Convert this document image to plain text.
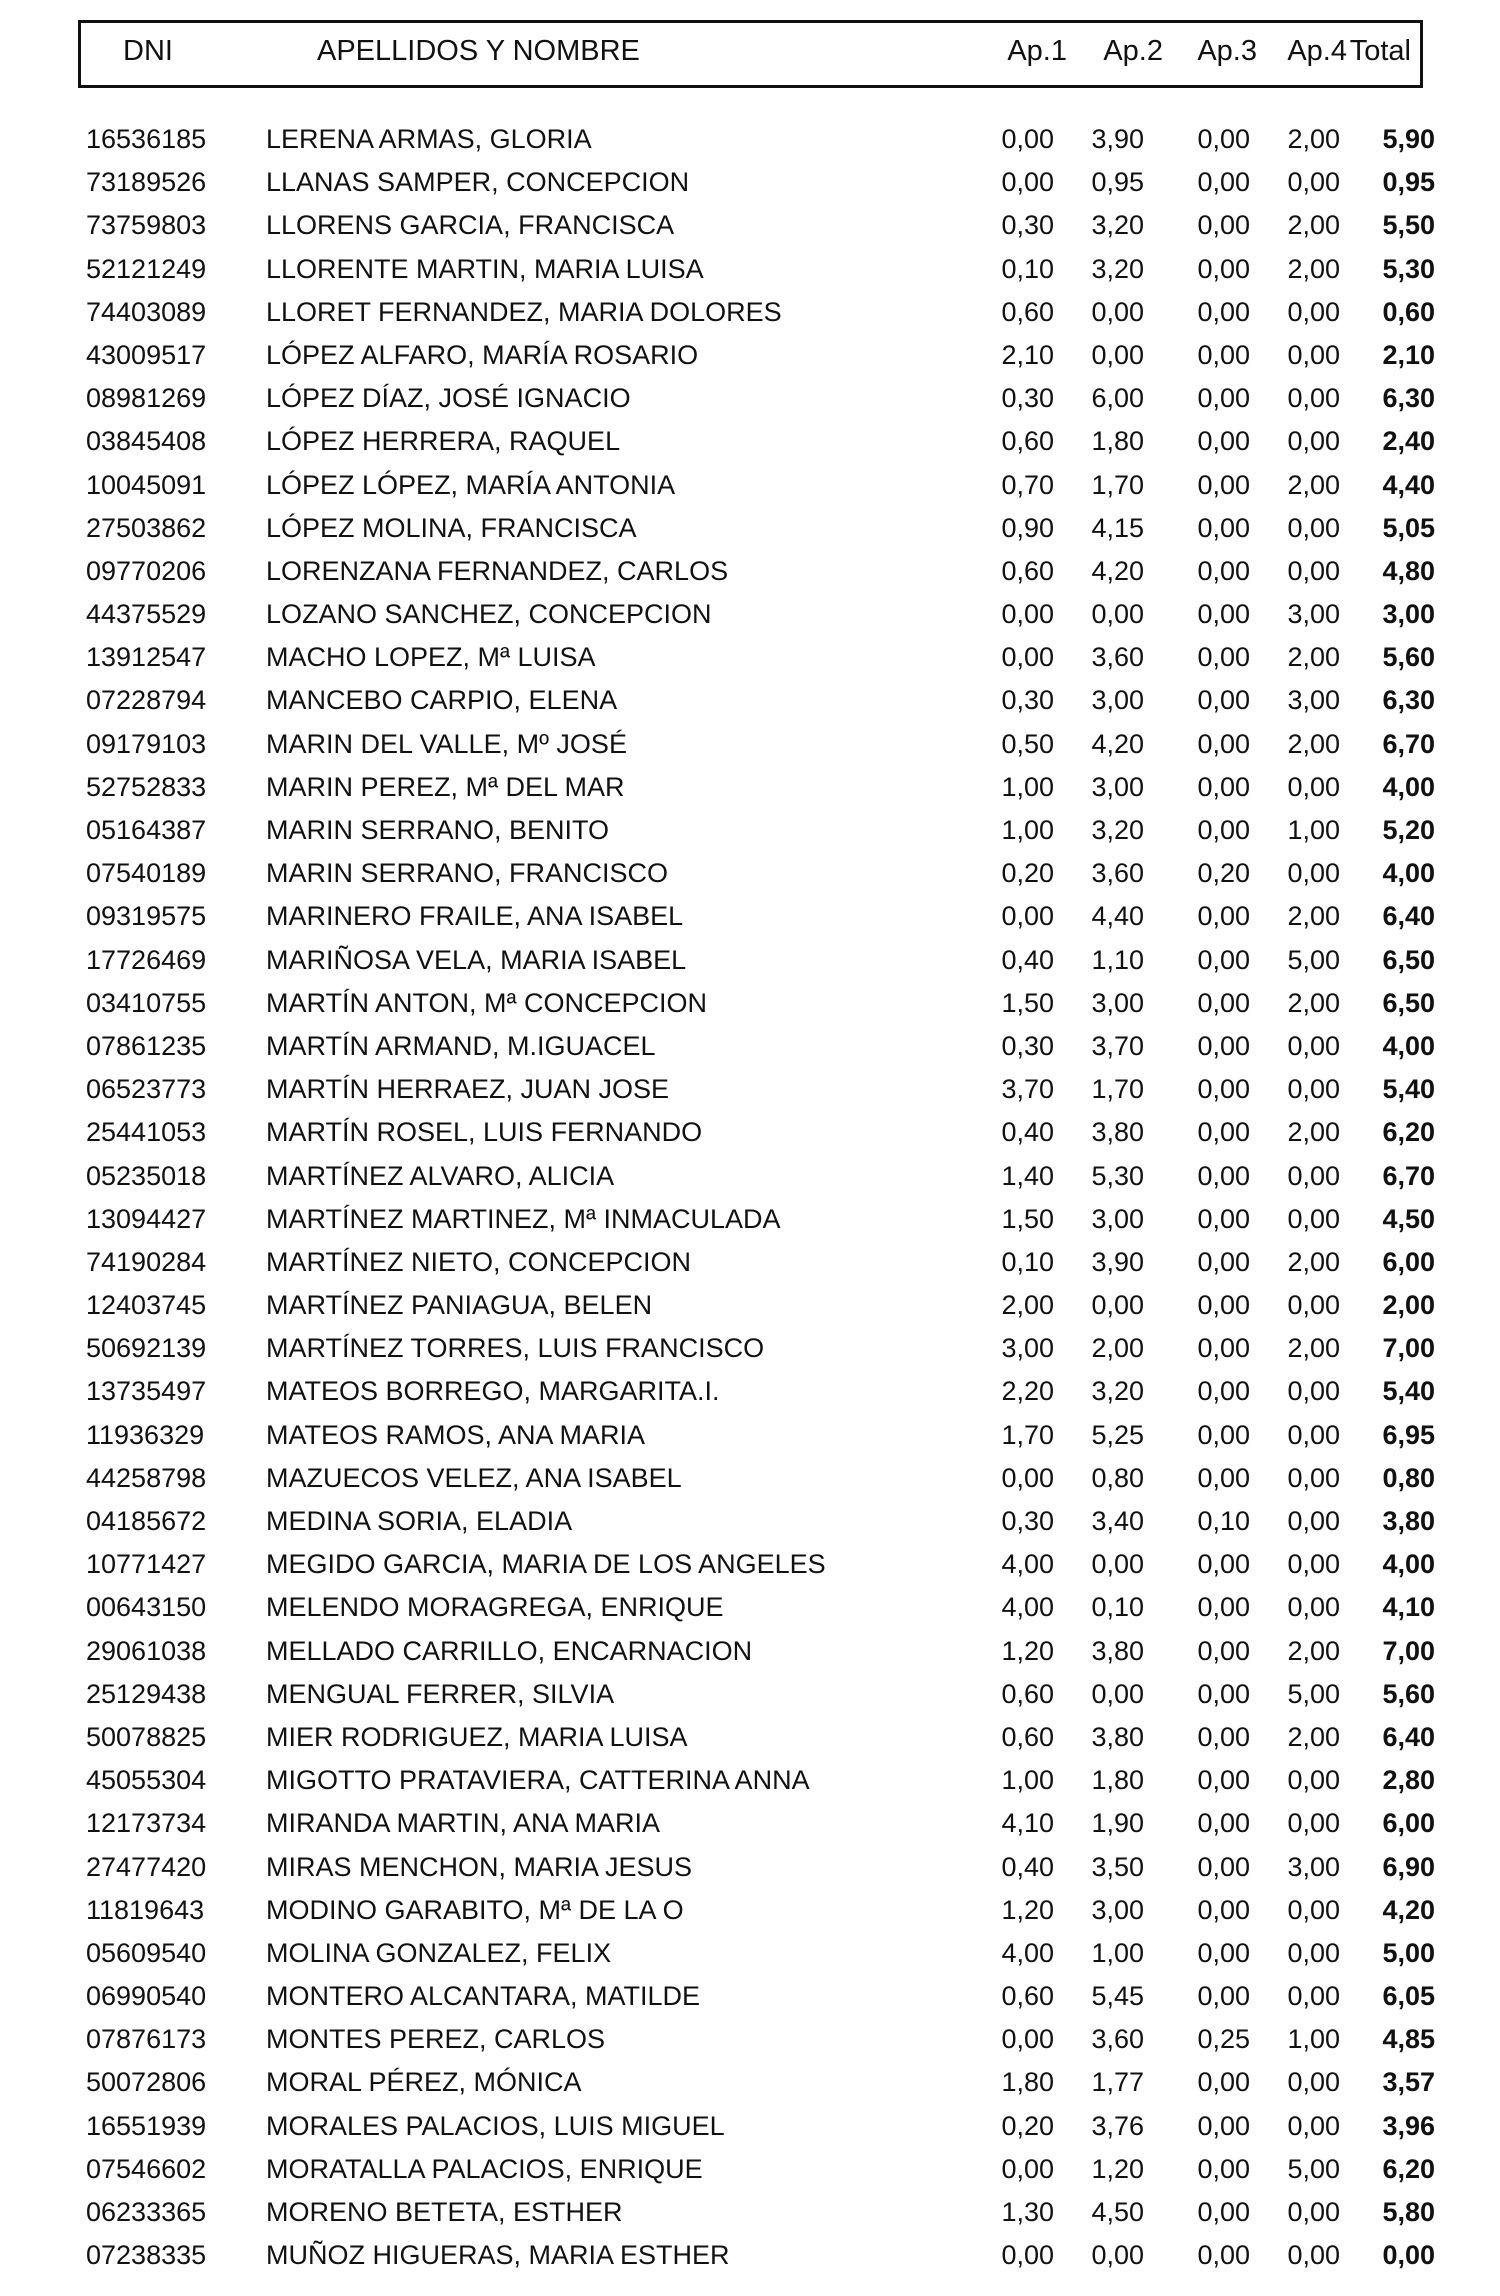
DNI	APELLIDOS Y NOMBRE	Ap.1	Ap.2	Ap.3	Ap.4 Total
16536185 LERENA ARMAS, GLORIA	0,00	3,90	0,00	2,00	5,90
73189526 LLANAS SAMPER, CONCEPCION	0,00	0,95	0,00	0,00	0,95
73759803 LLORENS GARCIA, FRANCISCA	0,30	3,20	0,00	2,00	5,50
52121249 LLORENTE MARTIN, MARIA LUISA	0,10	3,20	0,00	2,00	5,30
74403089 LLORET FERNANDEZ, MARIA DOLORES	0,60	0,00	0,00	0,00	0,60
43009517 LÓPEZ ALFARO, MARÍA ROSARIO	2,10	0,00	0,00	0,00	2,10
08981269 LÓPEZ DÍAZ, JOSÉ IGNACIO	0,30	6,00	0,00	0,00	6,30
03845408 LÓPEZ HERRERA, RAQUEL	0,60	1,80	0,00	0,00	2,40
10045091 LÓPEZ LÓPEZ, MARÍA ANTONIA	0,70	1,70	0,00	2,00	4,40
27503862 LÓPEZ MOLINA, FRANCISCA	0,90	4,15	0,00	0,00	5,05
09770206 LORENZANA FERNANDEZ, CARLOS	0,60	4,20	0,00	0,00	4,80
44375529 LOZANO SANCHEZ, CONCEPCION	0,00	0,00	0,00	3,00	3,00
13912547 MACHO LOPEZ, Mª LUISA	0,00	3,60	0,00	2,00	5,60
07228794 MANCEBO CARPIO, ELENA	0,30	3,00	0,00	3,00	6,30
09179103 MARIN DEL VALLE, Mº JOSÉ	0,50	4,20	0,00	2,00	6,70
52752833 MARIN PEREZ, Mª DEL MAR	1,00	3,00	0,00	0,00	4,00
05164387 MARIN SERRANO, BENITO	1,00	3,20	0,00	1,00	5,20
07540189 MARIN SERRANO, FRANCISCO	0,20	3,60	0,20	0,00	4,00
09319575 MARINERO FRAILE, ANA ISABEL	0,00	4,40	0,00	2,00	6,40
17726469 MARIÑOSA VELA, MARIA ISABEL	0,40	1,10	0,00	5,00	6,50
03410755 MARTÍN ANTON, Mª CONCEPCION	1,50	3,00	0,00	2,00	6,50
07861235 MARTÍN ARMAND, M.IGUACEL	0,30	3,70	0,00	0,00	4,00
06523773 MARTÍN HERRAEZ, JUAN JOSE	3,70	1,70	0,00	0,00	5,40
25441053 MARTÍN ROSEL, LUIS FERNANDO	0,40	3,80	0,00	2,00	6,20
05235018 MARTÍNEZ ALVARO, ALICIA	1,40	5,30	0,00	0,00	6,70
13094427 MARTÍNEZ MARTINEZ, Mª INMACULADA	1,50	3,00	0,00	0,00	4,50
74190284 MARTÍNEZ NIETO, CONCEPCION	0,10	3,90	0,00	2,00	6,00
12403745 MARTÍNEZ PANIAGUA, BELEN	2,00	0,00	0,00	0,00	2,00
50692139 MARTÍNEZ TORRES, LUIS FRANCISCO	3,00	2,00	0,00	2,00	7,00
13735497 MATEOS BORREGO, MARGARITA.I.	2,20	3,20	0,00	0,00	5,40
11936329 MATEOS RAMOS, ANA MARIA	1,70	5,25	0,00	0,00	6,95
44258798 MAZUECOS VELEZ, ANA ISABEL	0,00	0,80	0,00	0,00	0,80
04185672 MEDINA SORIA, ELADIA	0,30	3,40	0,10	0,00	3,80
10771427 MEGIDO GARCIA, MARIA DE LOS ANGELES	4,00	0,00	0,00	0,00	4,00
00643150 MELENDO MORAGREGA, ENRIQUE	4,00	0,10	0,00	0,00	4,10
29061038 MELLADO CARRILLO, ENCARNACION	1,20	3,80	0,00	2,00	7,00
25129438 MENGUAL FERRER, SILVIA	0,60	0,00	0,00	5,00	5,60
50078825 MIER RODRIGUEZ, MARIA LUISA	0,60	3,80	0,00	2,00	6,40
45055304 MIGOTTO PRATAVIERA, CATTERINA ANNA	1,00	1,80	0,00	0,00	2,80
12173734 MIRANDA MARTIN, ANA MARIA	4,10	1,90	0,00	0,00	6,00
27477420 MIRAS MENCHON, MARIA JESUS	0,40	3,50	0,00	3,00	6,90
11819643 MODINO GARABITO, Mª DE LA O	1,20	3,00	0,00	0,00	4,20
05609540 MOLINA GONZALEZ, FELIX	4,00	1,00	0,00	0,00	5,00
06990540 MONTERO ALCANTARA, MATILDE	0,60	5,45	0,00	0,00	6,05
07876173 MONTES PEREZ, CARLOS	0,00	3,60	0,25	1,00	4,85
50072806 MORAL PÉREZ, MÓNICA	1,80	1,77	0,00	0,00	3,57
16551939 MORALES PALACIOS, LUIS MIGUEL	0,20	3,76	0,00	0,00	3,96
07546602 MORATALLA PALACIOS, ENRIQUE	0,00	1,20	0,00	5,00	6,20
06233365 MORENO BETETA, ESTHER	1,30	4,50	0,00	0,00	5,80
07238335 MUÑOZ HIGUERAS, MARIA ESTHER	0,00	0,00	0,00	0,00	0,00
